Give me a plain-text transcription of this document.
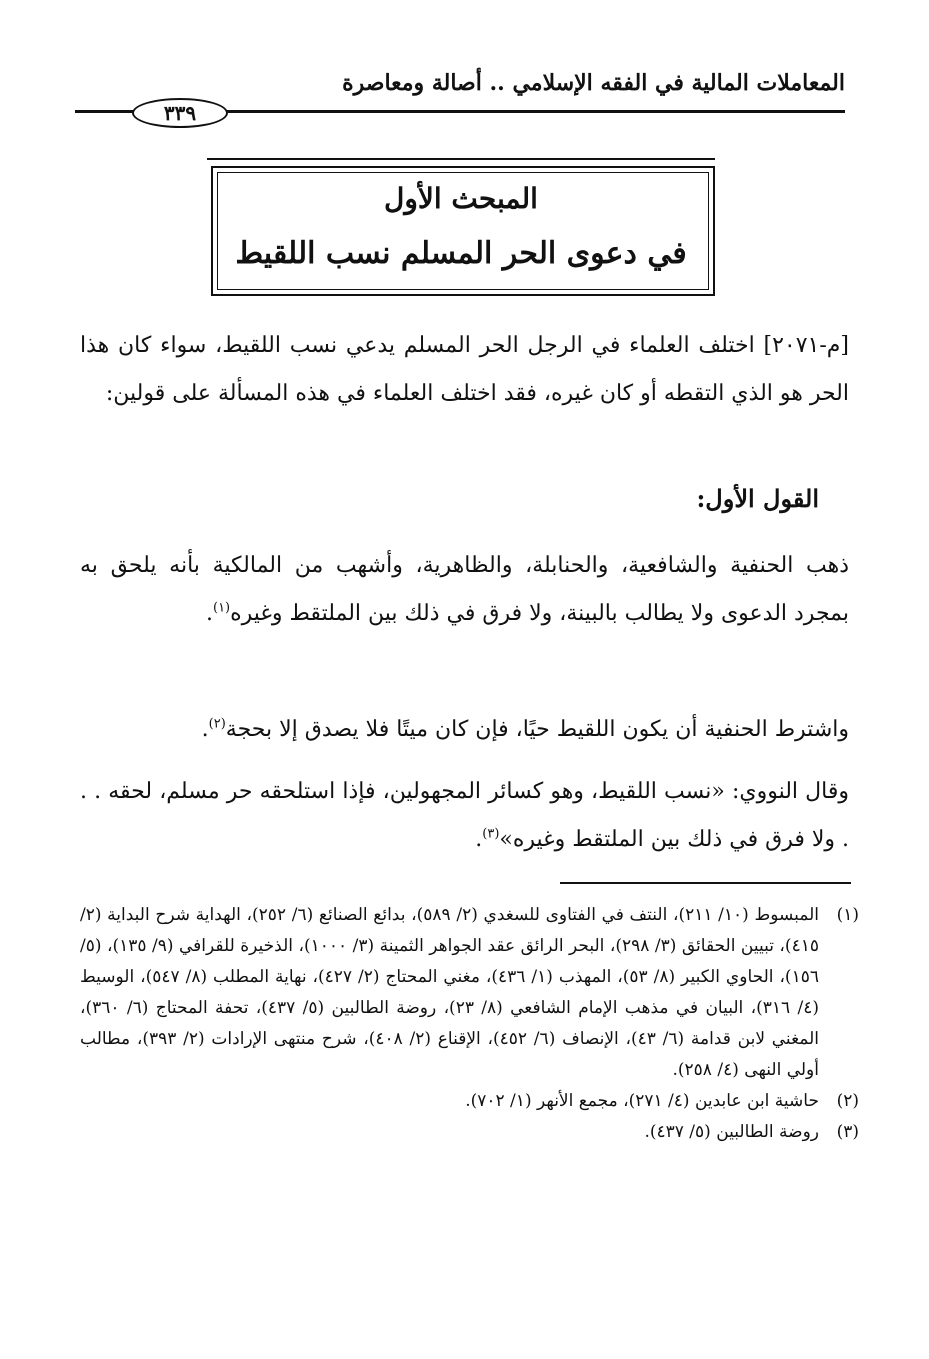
المعاملات المالية في الفقه الإسلامي .. أصالة ومعاصرة
٣٣٩
المبحث الأول
في دعوى الحر المسلم نسب اللقيط
[م-٢٠٧١] اختلف العلماء في الرجل الحر المسلم يدعي نسب اللقيط، سواء كان هذا الحر هو الذي التقطه أو كان غيره، فقد اختلف العلماء في هذه المسألة على قولين:
القول الأول:
ذهب الحنفية والشافعية، والحنابلة، والظاهرية، وأشهب من المالكية بأنه يلحق به بمجرد الدعوى ولا يطالب بالبينة، ولا فرق في ذلك بين الملتقط وغيره$^{(١)}$.
واشترط الحنفية أن يكون اللقيط حيًا، فإن كان ميتًا فلا يصدق إلا بحجة$^{(٢)}$.
وقال النووي: «نسب اللقيط، وهو كسائر المجهولين، فإذا استلحقه حر مسلم، لحقه . . . ولا فرق في ذلك بين الملتقط وغيره»$^{(٣)}$.
(١)
المبسوط (١٠/ ٢١١)، النتف في الفتاوى للسغدي (٢/ ٥٨٩)، بدائع الصنائع (٦/ ٢٥٢)، الهداية شرح البداية (٢/ ٤١٥)، تبيين الحقائق (٣/ ٢٩٨)، البحر الرائق عقد الجواهر الثمينة (٣/ ١٠٠٠)، الذخيرة للقرافي (٩/ ١٣٥)، (٥/ ١٥٦)، الحاوي الكبير (٨/ ٥٣)، المهذب (١/ ٤٣٦)، مغني المحتاج (٢/ ٤٢٧)، نهاية المطلب (٨/ ٥٤٧)، الوسيط (٤/ ٣١٦)، البيان في مذهب الإمام الشافعي (٨/ ٢٣)، روضة الطالبين (٥/ ٤٣٧)، تحفة المحتاج (٦/ ٣٦٠)، المغني لابن قدامة (٦/ ٤٣)، الإنصاف (٦/ ٤٥٢)، الإقناع (٢/ ٤٠٨)، شرح منتهى الإرادات (٢/ ٣٩٣)، مطالب أولي النهى (٤/ ٢٥٨).
(٢)
حاشية ابن عابدين (٤/ ٢٧١)، مجمع الأنهر (١/ ٧٠٢).
(٣)
روضة الطالبين (٥/ ٤٣٧).
